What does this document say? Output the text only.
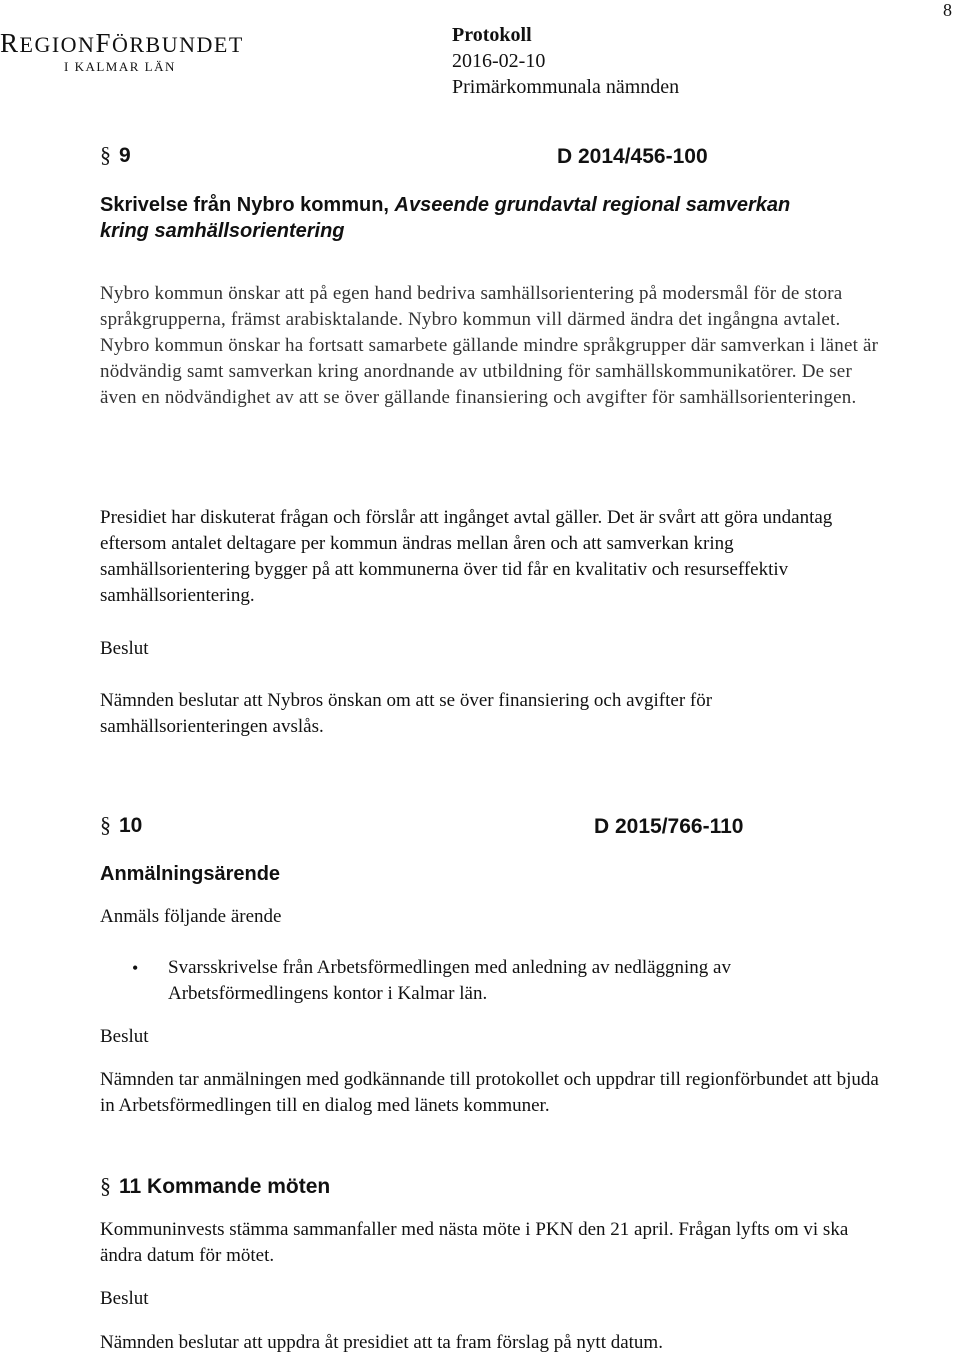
8
REGIONFÖRBUNDET
I KALMAR LÄN
Protokoll
2016-02-10
Primärkommunala nämnden
§ 9	D 2014/456-100
Skrivelse från Nybro kommun, Avseende grundavtal regional samverkan kring samhällsorientering
Nybro kommun önskar att på egen hand bedriva samhällsorientering på modersmål för de stora språkgrupperna, främst arabisktalande. Nybro kommun vill därmed ändra det ingångna avtalet. Nybro kommun önskar ha fortsatt samarbete gällande mindre språkgrupper där samverkan i länet är nödvändig samt samverkan kring anordnande av utbildning för samhällskommunikatörer. De ser även en nödvändighet av att se över gällande finansiering och avgifter för samhällsorienteringen.
Presidiet har diskuterat frågan och förslår att ingånget avtal gäller. Det är svårt att göra undantag eftersom antalet deltagare per kommun ändras mellan åren och att samverkan kring samhällsorientering bygger på att kommunerna över tid får en kvalitativ och resurseffektiv samhällsorientering.
Beslut
Nämnden beslutar att Nybros önskan om att se över finansiering och avgifter för samhällsorienteringen avslås.
§ 10	D 2015/766-110
Anmälningsärende
Anmäls följande ärende
• Svarsskrivelse från Arbetsförmedlingen med anledning av nedläggning av Arbetsförmedlingens kontor i Kalmar län.
Beslut
Nämnden tar anmälningen med godkännande till protokollet och uppdrar till regionförbundet att bjuda in Arbetsförmedlingen till en dialog med länets kommuner.
§ 11 Kommande möten
Kommuninvests stämma sammanfaller med nästa möte i PKN den 21 april. Frågan lyfts om vi ska ändra datum för mötet.
Beslut
Nämnden beslutar att uppdra åt presidiet att ta fram förslag på nytt datum.
